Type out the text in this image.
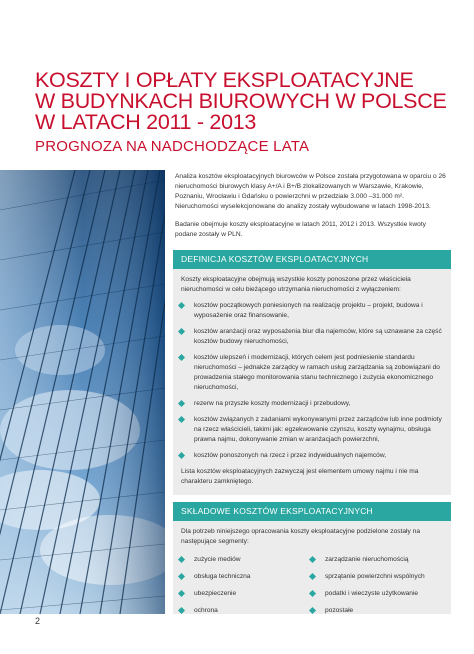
KOSZTY I OPŁATY EKSPLOATACYJNE
W BUDYNKACH BIUROWYCH W POLSCE
W LATACH 2011 - 2013
PROGNOZA NA NADCHODZĄCE LATA

Analiza kosztów eksploatacyjnych biurowców w Polsce została przygotowana w oparciu o 26 nieruchomości biurowych klasy A+/A i B+/B zlokalizowanych w Warszawie, Krakowie, Poznaniu, Wrocławiu i Gdańsku o powierzchni w przedziale 3.000 –31.000 m². Nieruchomości wyselekcjonowane do analizy zostały wybudowane w latach 1998-2013.

Badanie obejmuje koszty eksploatacyjne w latach 2011, 2012 i 2013. Wszystkie kwoty podane zostały w PLN.

DEFINICJA KOSZTÓW EKSPLOATACYJNYCH

Koszty eksploatacyjne obejmują wszystkie koszty ponoszone przez właściciela nieruchomości w celu bieżącego utrzymania nieruchomości z wyłączeniem:

kosztów początkowych poniesionych na realizację projektu – projekt, budowa i wyposażenie oraz finansowanie,
kosztów aranżacji oraz wyposażenia biur dla najemców, które są uznawane za część kosztów budowy nieruchomości,
kosztów ulepszeń i modernizacji, których celem jest podniesienie standardu nieruchomości – jednakże zarządcy w ramach usług zarządzania są zobowiązani do prowadzenia stałego monitorowania stanu technicznego i zużycia ekonomicznego nieruchomości,
rezerw na przyszłe koszty modernizacji i przebudowy,
kosztów związanych z zadaniami wykonywanymi przez zarządców lub inne podmioty na rzecz właścicieli, takimi jak: egzekwowanie czynszu, koszty wynajmu, obsługa prawna najmu, dokonywanie zmian w aranżacjach powierzchni,
kosztów ponoszonych na rzecz i przez indywidualnych najemców,

Lista kosztów eksploatacyjnych zazwyczaj jest elementem umowy najmu i nie ma charakteru zamkniętego.

SKŁADOWE KOSZTÓW EKSPLOATACYJNYCH

Dla potrzeb niniejszego opracowania koszty eksploatacyjne podzielone zostały na następujące segmenty:

zużycie mediów
obsługa techniczna
ubezpieczenie
ochrona
zarządzanie nieruchomością
sprzątanie powierzchni wspólnych
podatki i wieczyste użytkowanie
pozostałe
2
